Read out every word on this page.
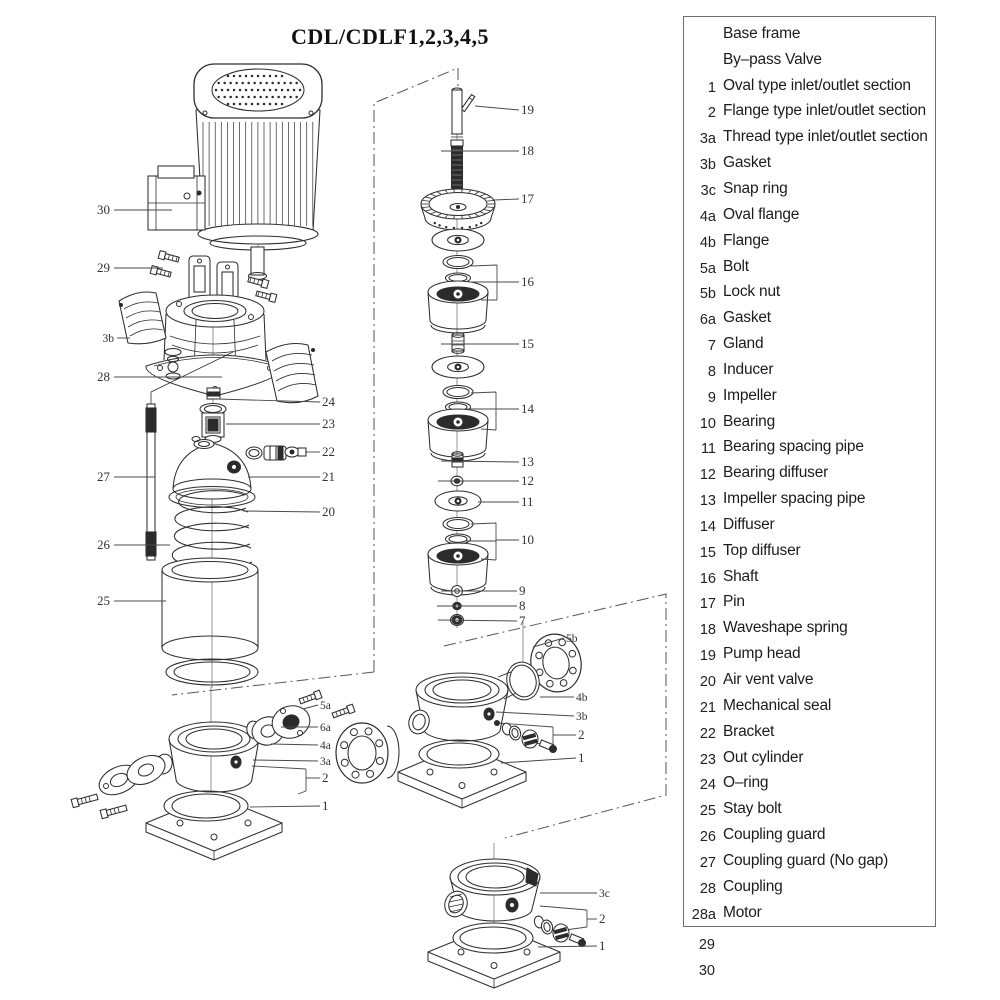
CDL/CDLF1,2,3,4,5
30
29
3b
28
27
26
25
24
23
22
21
20
19
18
17
16
15
14
13
12
11
10
9
8
7
5b
4b
3b
2
1
5a
6a
4a
3a
2
1
3c
2
1
Base frame
By–pass Valve
1 Oval type inlet/outlet section
2 Flange type inlet/outlet section
3a Thread type inlet/outlet section
3b Gasket
3c Snap ring
4a Oval flange
4b Flange
5a Bolt
5b Lock nut
6a Gasket
7 Gland
8 Inducer
9 Impeller
10 Bearing
11 Bearing spacing pipe
12 Bearing diffuser
13 Impeller spacing pipe
14 Diffuser
15 Top diffuser
16 Shaft
17 Pin
18 Waveshape spring
19 Pump head
20 Air vent valve
21 Mechanical seal
22 Bracket
23 Out cylinder
24 O–ring
25 Stay bolt
26 Coupling guard
27 Coupling guard (No gap)
28 Coupling
28a Motor
29
30
